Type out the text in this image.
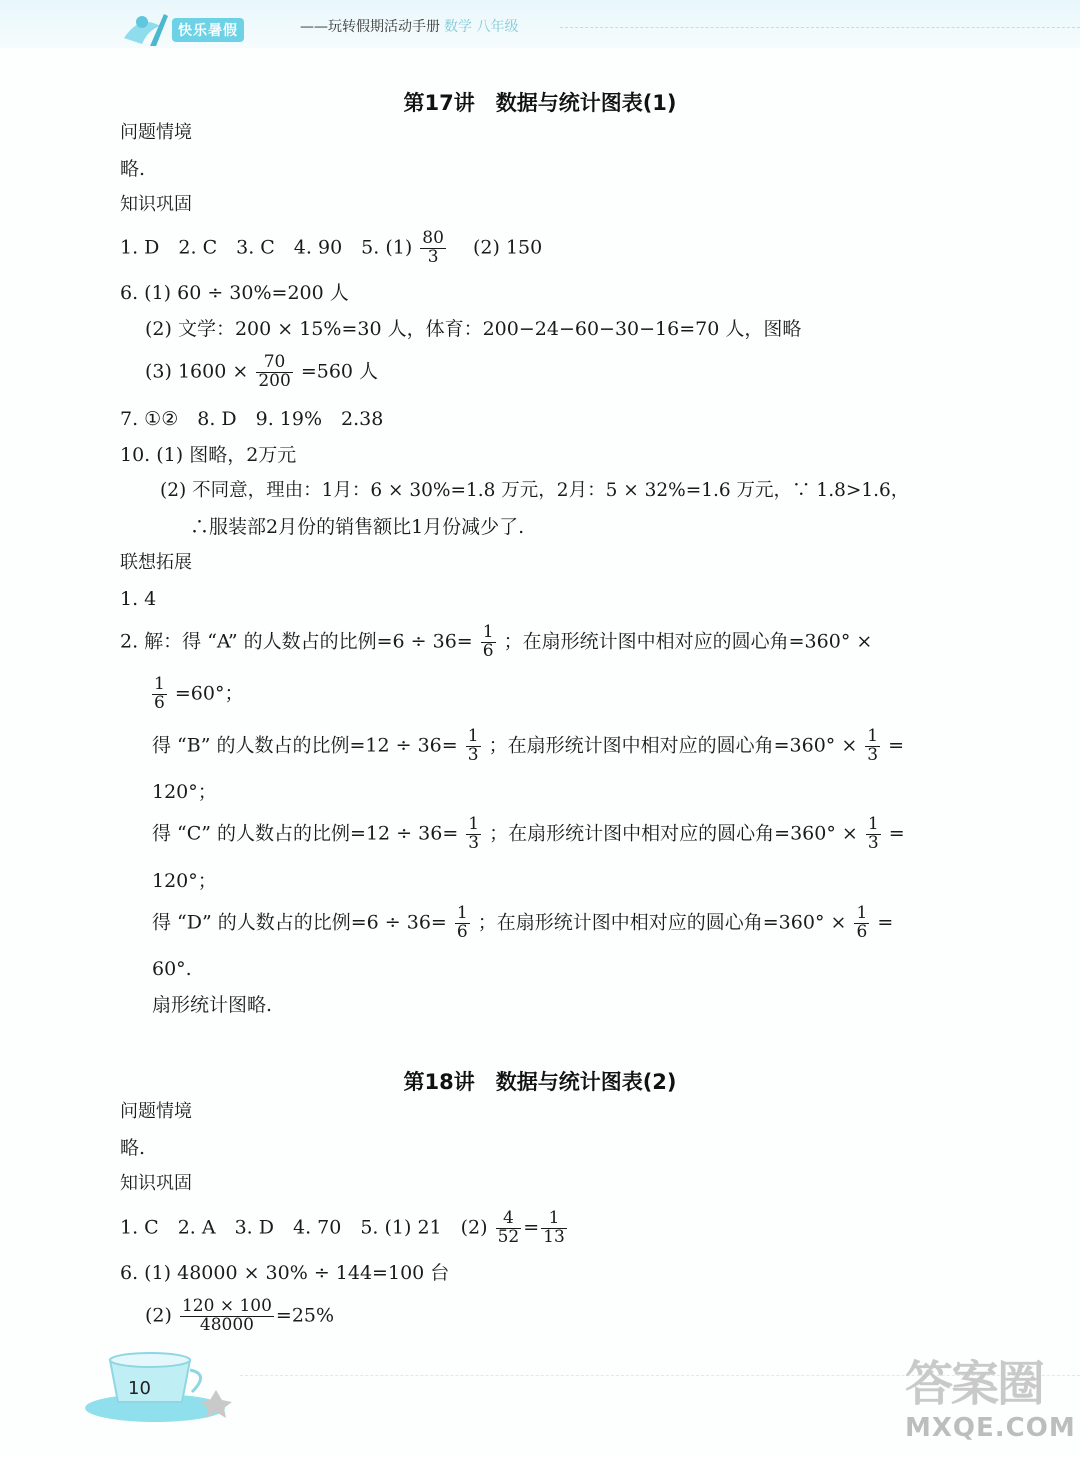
快乐暑假	——玩转假期活动手册 数学 八年级
第17讲　数据与统计图表(1)
问题情境
略.
知识巩固
1. D　2. C　3. C　4. 90　5. $(1) \frac{80}{3}$ 　(2) 150
6. (1) 60 ÷ 30%=200 人
(2) 文学：200 × 15%=30 人，体育：200−24−60−30−16=70 人，图略
(3) $1600 \times \frac{70}{200} =560$ 人
7. ①②　8. D　9. 19%　2.38
10. (1) 图略，2万元
(2) 不同意，理由：1月：6 × 30%=1.8 万元，2月：5 × 32%=1.6 万元，∵ 1.8>1.6，
∴服装部2月份的销售额比1月份减少了.
联想拓展
1. 4
2. 解：得 “A” 的人数占的比例$=6 \div 36= \frac{1}{6}$ ；在扇形统计图中相对应的圆心角=360° ×
$\frac{1}{6} =60^\circ$；
得 “B” 的人数占的比例$=12 \div 36= \frac{1}{3}$ ；在扇形统计图中相对应的圆心角$=360^\circ \times \frac{1}{3}$ =
120°；
得 “C” 的人数占的比例$=12 \div 36= \frac{1}{3}$ ；在扇形统计图中相对应的圆心角$=360^\circ \times \frac{1}{3}$ =
120°；
得 “D” 的人数占的比例$=6 \div 36= \frac{1}{6}$ ；在扇形统计图中相对应的圆心角$=360^\circ \times \frac{1}{6}$ =
60°.
扇形统计图略.
第18讲　数据与统计图表(2)
问题情境
略.
知识巩固
1. C　2. A　3. D　4. 70　5. (1) 21　$(2) \frac{4}{52} = \frac{1}{13}$
6. (1) 48000 × 30% ÷ 144=100 台
$(2) \frac{120 \times 100}{48000} =25\%$
10	答案圈
MXQE.COM
